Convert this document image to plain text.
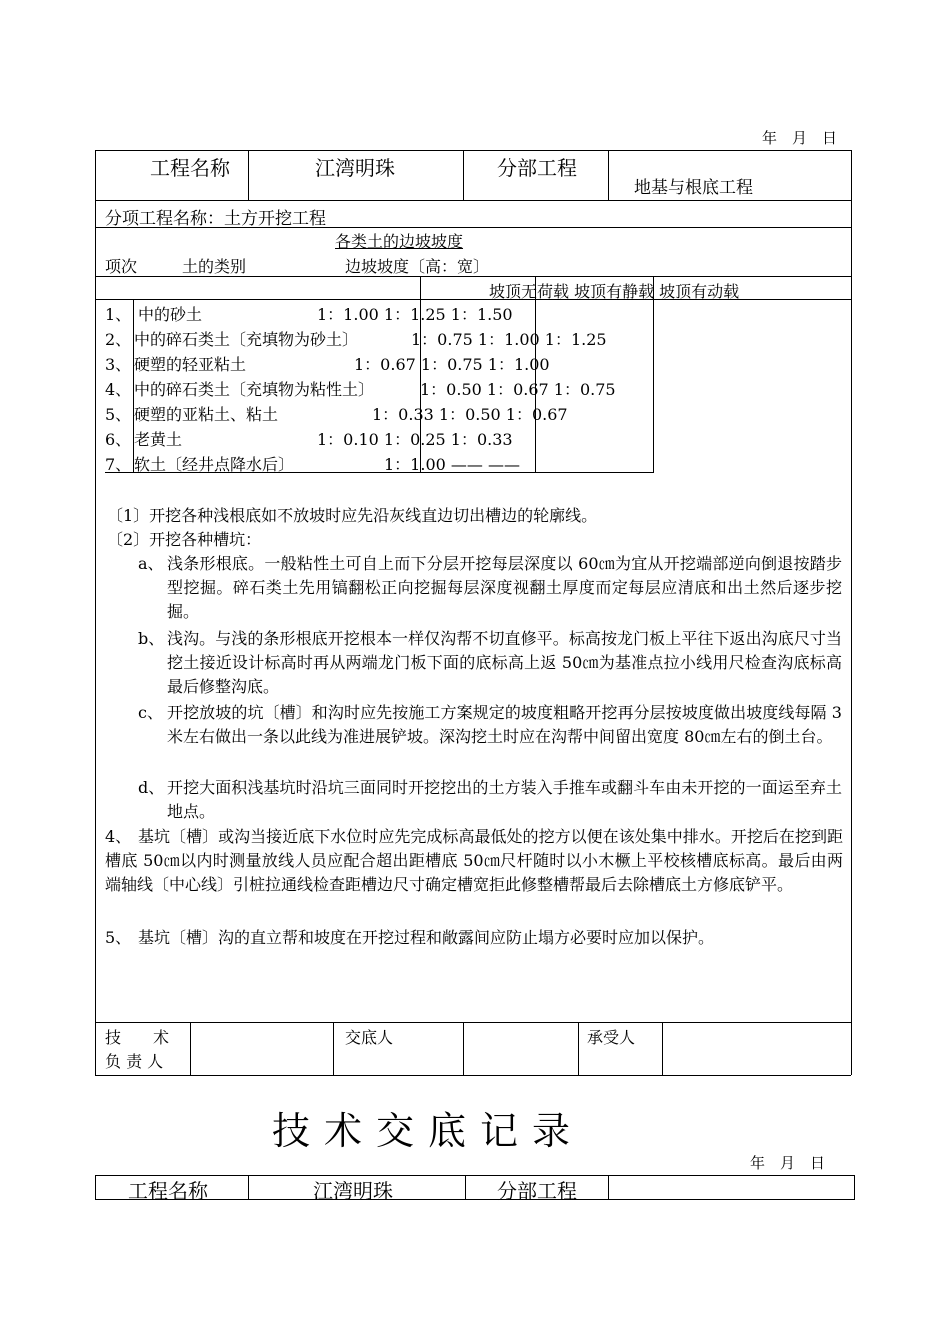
年　月　日
工程名称	江湾明珠	分部工程
地基与根底工程
分项工程名称：土方开挖工程
各类土的边坡坡度
项次	土的类别	边坡坡度〔高：宽〕
坡顶无荷载 坡顶有静载 坡顶有动载
1、 中的砂土	1：1.00 1：1.25 1：1.50
2、 中的碎石类土〔充填物为砂土〕	1：0.75 1：1.00 1：1.25
3、 硬塑的轻亚粘土	1：0.67 1：0.75 1：1.00
4、 中的碎石类土〔充填物为粘性土〕	1：0.50 1：0.67 1：0.75
5、 硬塑的亚粘土、粘土	1：0.33 1：0.50 1：0.67
6、 老黄土	1：0.10 1：0.25 1：0.33
7、 软土〔经井点降水后〕	1：1.00 —— ——
〔1〕开挖各种浅根底如不放坡时应先沿灰线直边切出槽边的轮廓线。
〔2〕开挖各种槽坑：
a、 浅条形根底。一般粘性土可自上而下分层开挖每层深度以 60㎝为宜从开挖端部逆向倒退按踏步型挖掘。碎石类土先用镐翻松正向挖掘每层深度视翻土厚度而定每层应清底和出土然后逐步挖掘。
b、 浅沟。与浅的条形根底开挖根本一样仅沟帮不切直修平。标高按龙门板上平往下返出沟底尺寸当挖土接近设计标高时再从两端龙门板下面的底标高上返 50㎝为基准点拉小线用尺检查沟底标高最后修整沟底。
c、 开挖放坡的坑〔槽〕和沟时应先按施工方案规定的坡度粗略开挖再分层按坡度做出坡度线每隔 3 米左右做出一条以此线为准进展铲坡。深沟挖土时应在沟帮中间留出宽度 80㎝左右的倒土台。
d、 开挖大面积浅基坑时沿坑三面同时开挖挖出的土方装入手推车或翻斗车由未开挖的一面运至弃土地点。
4、 基坑〔槽〕或沟当接近底下水位时应先完成标高最低处的挖方以便在该处集中排水。开挖后在挖到距槽底 50㎝以内时测量放线人员应配合超出距槽底 50㎝尺杆随时以小木橛上平校核槽底标高。最后由两端轴线〔中心线〕引桩拉通线检查距槽边尺寸确定槽宽拒此修整槽帮最后去除槽底土方修底铲平。
5、 基坑〔槽〕沟的直立帮和坡度在开挖过程和敞露间应防止塌方必要时应加以保护。
技　　术
负 责 人
交底人	承受人
技术交底记录
年　月　日
工程名称	江湾明珠	分部工程
